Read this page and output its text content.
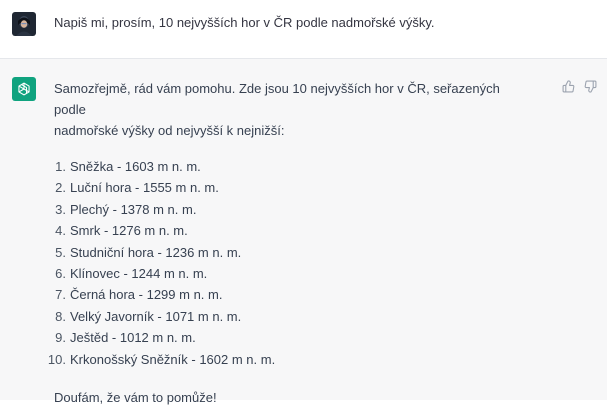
Napiš mi, prosím, 10 nejvyšších hor v ČR podle nadmořské výšky.

Samozřejmě, rád vám pomohu. Zde jsou 10 nejvyšších hor v ČR, seřazených podle
nadmořské výšky od nejvyšší k nejnižší:

1. Sněžka - 1603 m n. m.
2. Luční hora - 1555 m n. m.
3. Plechý - 1378 m n. m.
4. Smrk - 1276 m n. m.
5. Studniční hora - 1236 m n. m.
6. Klínovec - 1244 m n. m.
7. Černá hora - 1299 m n. m.
8. Velký Javorník - 1071 m n. m.
9. Ještěd - 1012 m n. m.
10. Krkonošský Sněžník - 1602 m n. m.

Doufám, že vám to pomůže!
